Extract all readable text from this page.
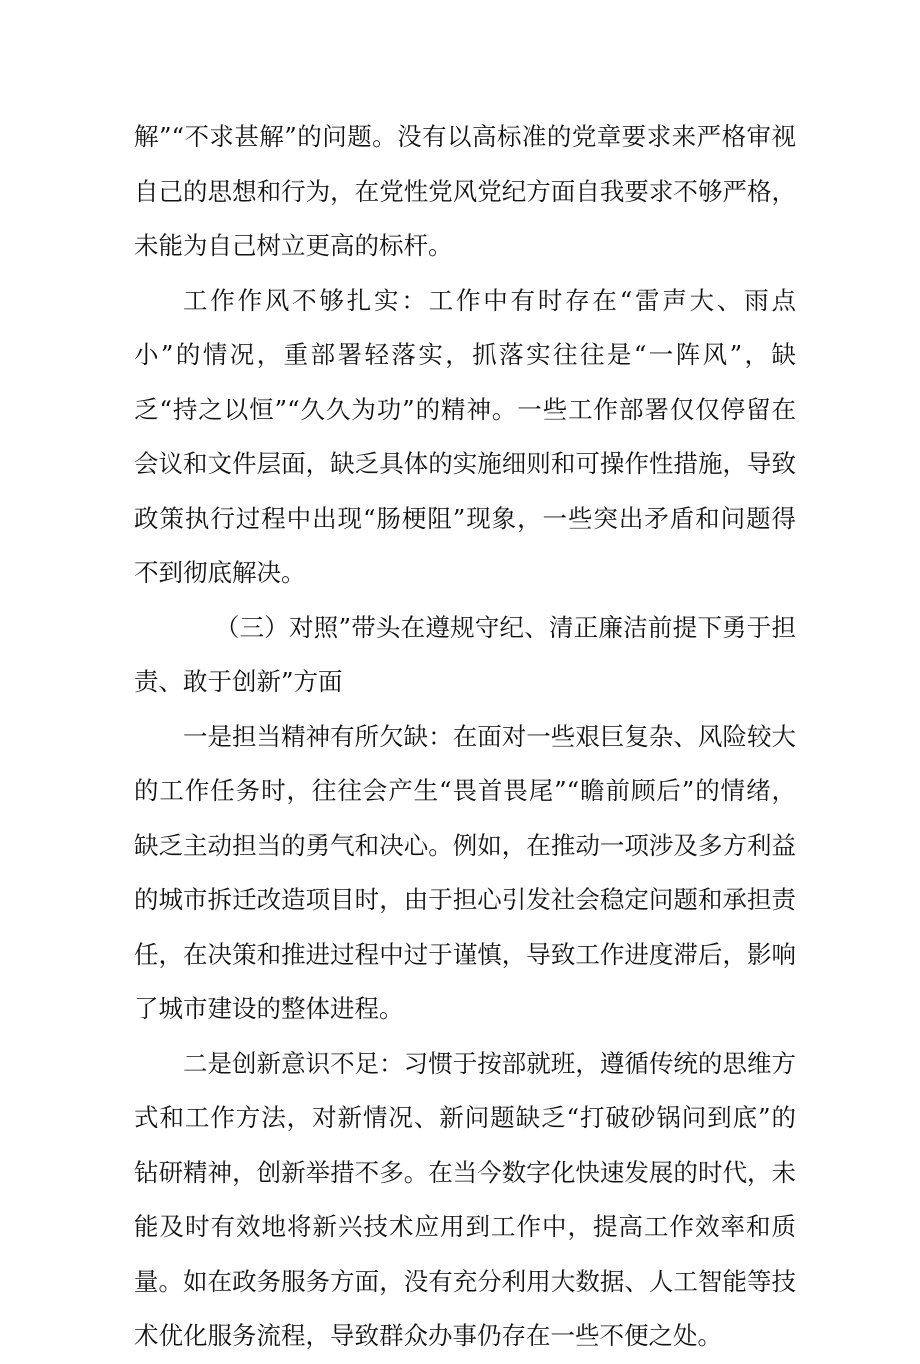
解”“不求甚解”的问题。没有以高标准的党章要求来严格审视自己的思想和行为，在党性党风党纪方面自我要求不够严格，未能为自己树立更高的标杆。

工作作风不够扎实：工作中有时存在“雷声大、雨点小”的情况，重部署轻落实，抓落实往往是“一阵风”，缺乏“持之以恒”“久久为功”的精神。一些工作部署仅仅停留在会议和文件层面，缺乏具体的实施细则和可操作性措施，导致政策执行过程中出现“肠梗阻”现象，一些突出矛盾和问题得不到彻底解决。

（三）对照”带头在遵规守纪、清正廉洁前提下勇于担责、敢于创新”方面

一是担当精神有所欠缺：在面对一些艰巨复杂、风险较大的工作任务时，往往会产生“畏首畏尾”“瞻前顾后”的情绪，缺乏主动担当的勇气和决心。例如，在推动一项涉及多方利益的城市拆迁改造项目时，由于担心引发社会稳定问题和承担责任，在决策和推进过程中过于谨慎，导致工作进度滞后，影响了城市建设的整体进程。

二是创新意识不足：习惯于按部就班，遵循传统的思维方式和工作方法，对新情况、新问题缺乏“打破砂锅问到底”的钻研精神，创新举措不多。在当今数字化快速发展的时代，未能及时有效地将新兴技术应用到工作中，提高工作效率和质量。如在政务服务方面，没有充分利用大数据、人工智能等技术优化服务流程，导致群众办事仍存在一些不便之处。
